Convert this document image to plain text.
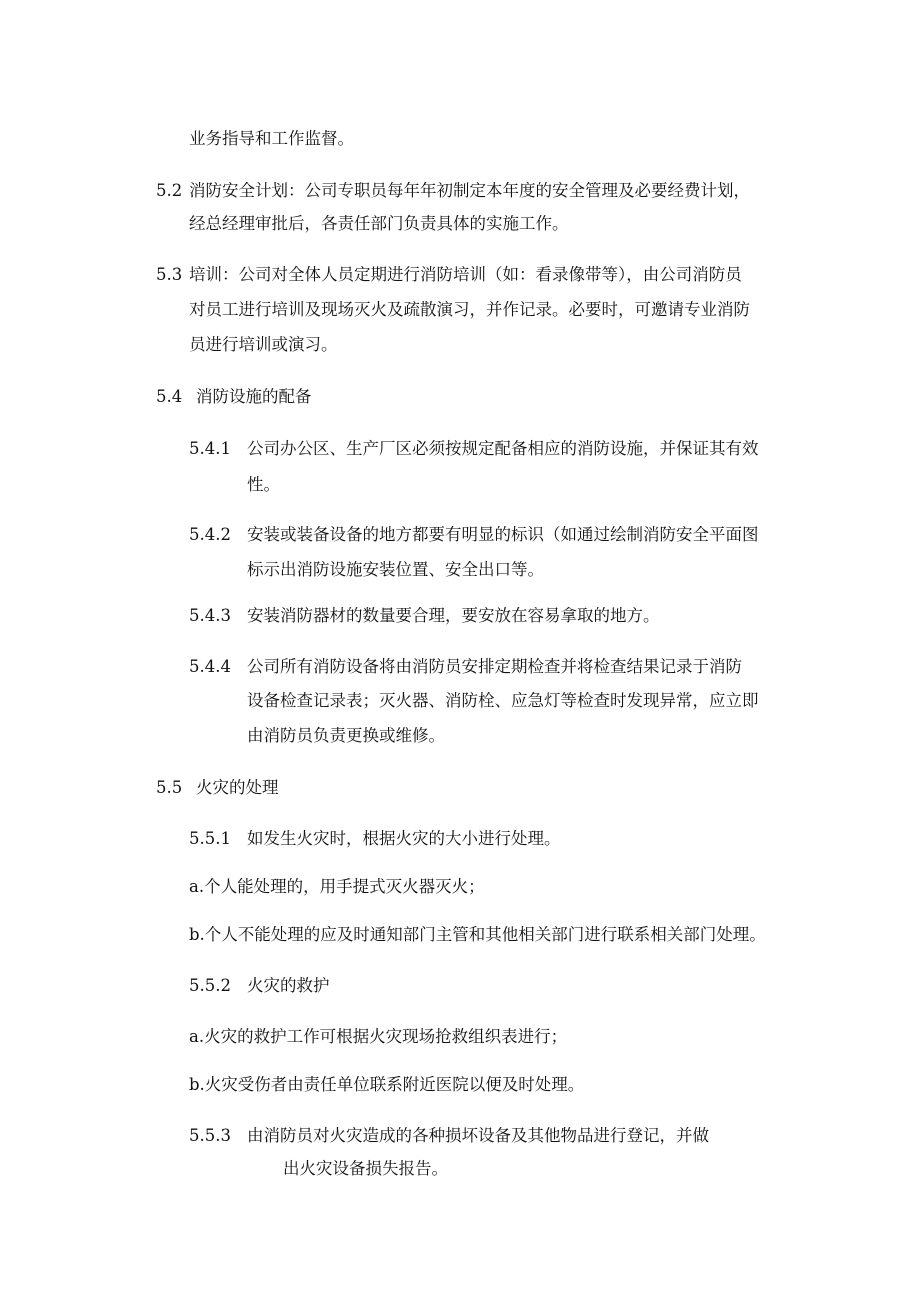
业务指导和工作监督。

5.2 消防安全计划：公司专职员每年年初制定本年度的安全管理及必要经费计划，

经总经理审批后，各责任部门负责具体的实施工作。

5.3 培训：公司对全体人员定期进行消防培训（如：看录像带等），由公司消防员

对员工进行培训及现场灭火及疏散演习，并作记录。必要时，可邀请专业消防

员进行培训或演习。

5.4 消防设施的配备

5.4.1 公司办公区、生产厂区必须按规定配备相应的消防设施，并保证其有效

性。

5.4.2 安装或装备设备的地方都要有明显的标识（如通过绘制消防安全平面图

标示出消防设施安装位置、安全出口等。

5.4.3 安装消防器材的数量要合理，要安放在容易拿取的地方。

5.4.4 公司所有消防设备将由消防员安排定期检查并将检查结果记录于消防

设备检查记录表；灭火器、消防栓、应急灯等检查时发现异常，应立即

由消防员负责更换或维修。

5.5 火灾的处理

5.5.1 如发生火灾时，根据火灾的大小进行处理。

a.个人能处理的，用手提式灭火器灭火；

b.个人不能处理的应及时通知部门主管和其他相关部门进行联系相关部门处理。

5.5.2 火灾的救护

a.火灾的救护工作可根据火灾现场抢救组织表进行；

b.火灾受伤者由责任单位联系附近医院以便及时处理。

5.5.3 由消防员对火灾造成的各种损坏设备及其他物品进行登记，并做

出火灾设备损失报告。
